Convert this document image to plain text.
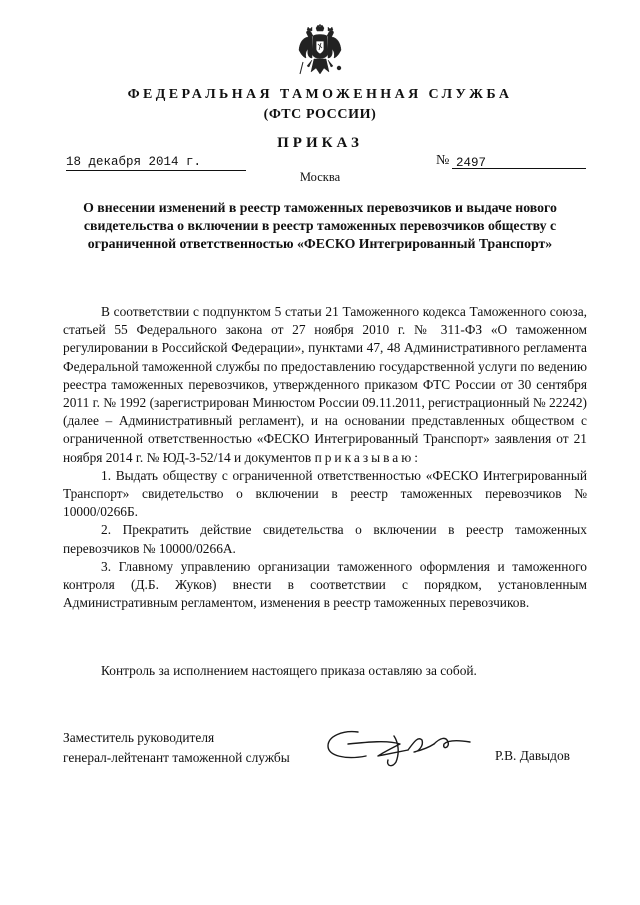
ФЕДЕРАЛЬНАЯ ТАМОЖЕННАЯ СЛУЖБА
(ФТС РОССИИ)
ПРИКАЗ
18 декабря 2014 г.	№ 2497
Москва
О внесении изменений в реестр таможенных перевозчиков и выдаче нового свидетельства о включении в реестр таможенных перевозчиков обществу с ограниченной ответственностью «ФЕСКО Интегрированный Транспорт»

В соответствии с подпунктом 5 статьи 21 Таможенного кодекса Таможенного союза, статьей 55 Федерального закона от 27 ноября 2010 г. № 311-ФЗ «О таможенном регулировании в Российской Федерации», пунктами 47, 48 Административного регламента Федеральной таможенной службы по предоставлению государственной услуги по ведению реестра таможенных перевозчиков, утвержденного приказом ФТС России от 30 сентября 2011 г. № 1992 (зарегистрирован Минюстом России 09.11.2011, регистрационный № 22242) (далее – Административный регламент), и на основании представленных обществом с ограниченной ответственностью «ФЕСКО Интегрированный Транспорт» заявления от 21 ноября 2014 г. № ЮД-3-52/14 и документов приказываю:

1. Выдать обществу с ограниченной ответственностью «ФЕСКО Интегрированный Транспорт» свидетельство о включении в реестр таможенных перевозчиков № 10000/0266Б.

2. Прекратить действие свидетельства о включении в реестр таможенных перевозчиков № 10000/0266А.

3. Главному управлению организации таможенного оформления и таможенного контроля (Д.Б. Жуков) внести в соответствии с порядком, установленным Административным регламентом, изменения в реестр таможенных перевозчиков.

Контроль за исполнением настоящего приказа оставляю за собой.
Заместитель руководителя
генерал-лейтенант таможенной службы	Р.В. Давыдов
